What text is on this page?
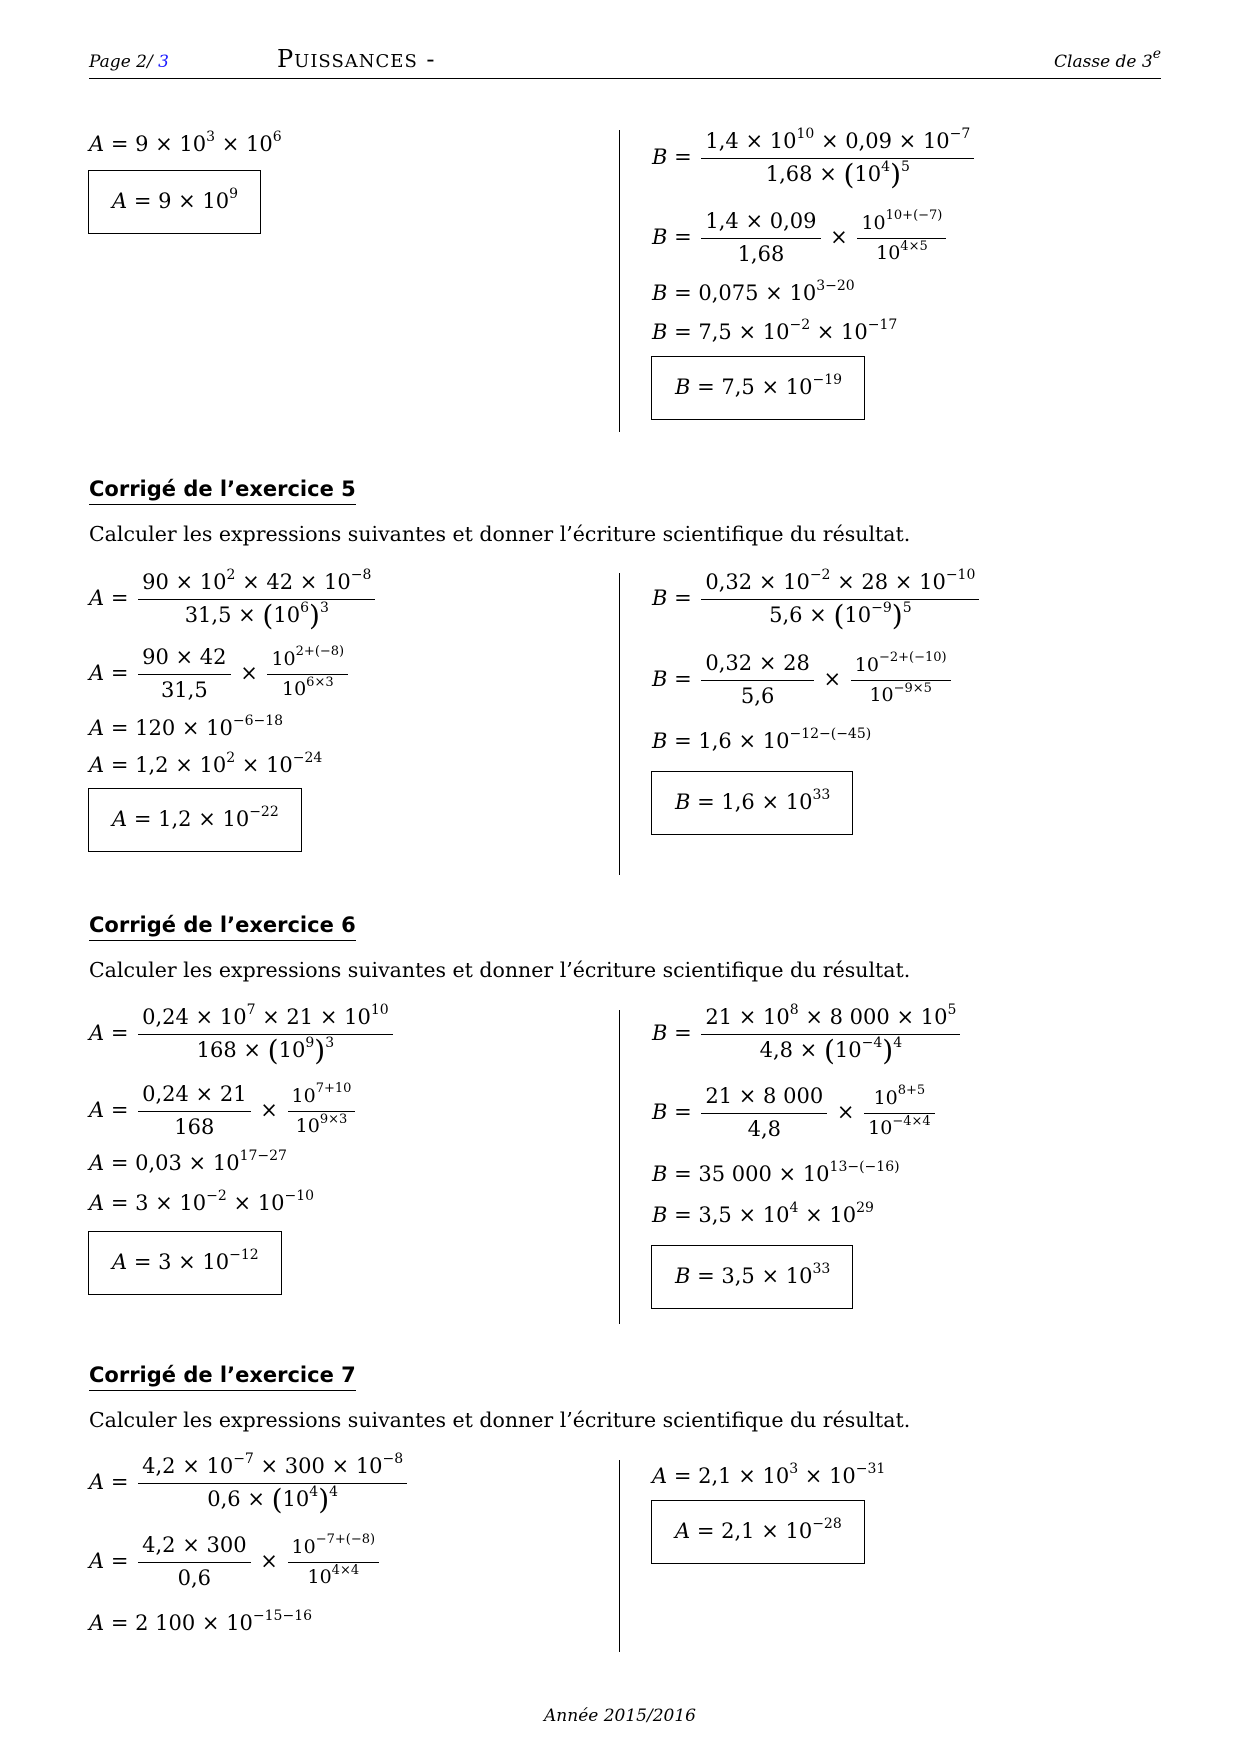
Page 2/ 3	PUISSANCES -	Classe de 3e
$A = 9 \times 10^3 \times 10^6$
$A = 9 \times 10^9$
$B = \frac{1,4 \times 10^{10} \times 0,09 \times 10^{-7}}{1,68 \times (10^4)^5}$
$B = \frac{1,4 \times 0,09}{1,68} \times \frac{10^{10+(-7)}}{10^{4\times 5}}$
$B = 0,075 \times 10^{3-20}$
$B = 7,5 \times 10^{-2} \times 10^{-17}$
$B = 7,5 \times 10^{-19}$
Corrigé de l’exercice 5
Calculer les expressions suivantes et donner l’écriture scientifique du résultat.
$A = \frac{90 \times 10^2 \times 42 \times 10^{-8}}{31,5 \times (10^6)^3}$
$A = \frac{90 \times 42}{31,5} \times \frac{10^{2+(-8)}}{10^{6\times 3}}$
$A = 120 \times 10^{-6-18}$
$A = 1,2 \times 10^2 \times 10^{-24}$
$A = 1,2 \times 10^{-22}$
$B = \frac{0,32 \times 10^{-2} \times 28 \times 10^{-10}}{5,6 \times (10^{-9})^5}$
$B = \frac{0,32 \times 28}{5,6} \times \frac{10^{-2+(-10)}}{10^{-9\times 5}}$
$B = 1,6 \times 10^{-12-(-45)}$
$B = 1,6 \times 10^{33}$
Corrigé de l’exercice 6
Calculer les expressions suivantes et donner l’écriture scientifique du résultat.
$A = \frac{0,24 \times 10^7 \times 21 \times 10^{10}}{168 \times (10^9)^3}$
$A = \frac{0,24 \times 21}{168} \times \frac{10^{7+10}}{10^{9\times 3}}$
$A = 0,03 \times 10^{17-27}$
$A = 3 \times 10^{-2} \times 10^{-10}$
$A = 3 \times 10^{-12}$
$B = \frac{21 \times 10^8 \times 8 000 \times 10^5}{4,8 \times (10^{-4})^4}$
$B = \frac{21 \times 8 000}{4,8} \times \frac{10^{8+5}}{10^{-4\times 4}}$
B = 35 $000 \times 10^{13-(-16)}$
$B = 3,5 \times 10^4 \times 10^{29}$
$B = 3,5 \times 10^{33}$
Corrigé de l’exercice 7
Calculer les expressions suivantes et donner l’écriture scientifique du résultat.
$A = \frac{4,2 \times 10^{-7} \times 300 \times 10^{-8}}{0,6 \times (10^4)^4}$
$A = \frac{4,2 \times 300}{0,6} \times \frac{10^{-7+(-8)}}{10^{4\times 4}}$
A = 2 $100 \times 10^{-15-16}$
$A = 2,1 \times 10^3 \times 10^{-31}$
$A = 2,1 \times 10^{-28}$
Année 2015/2016
